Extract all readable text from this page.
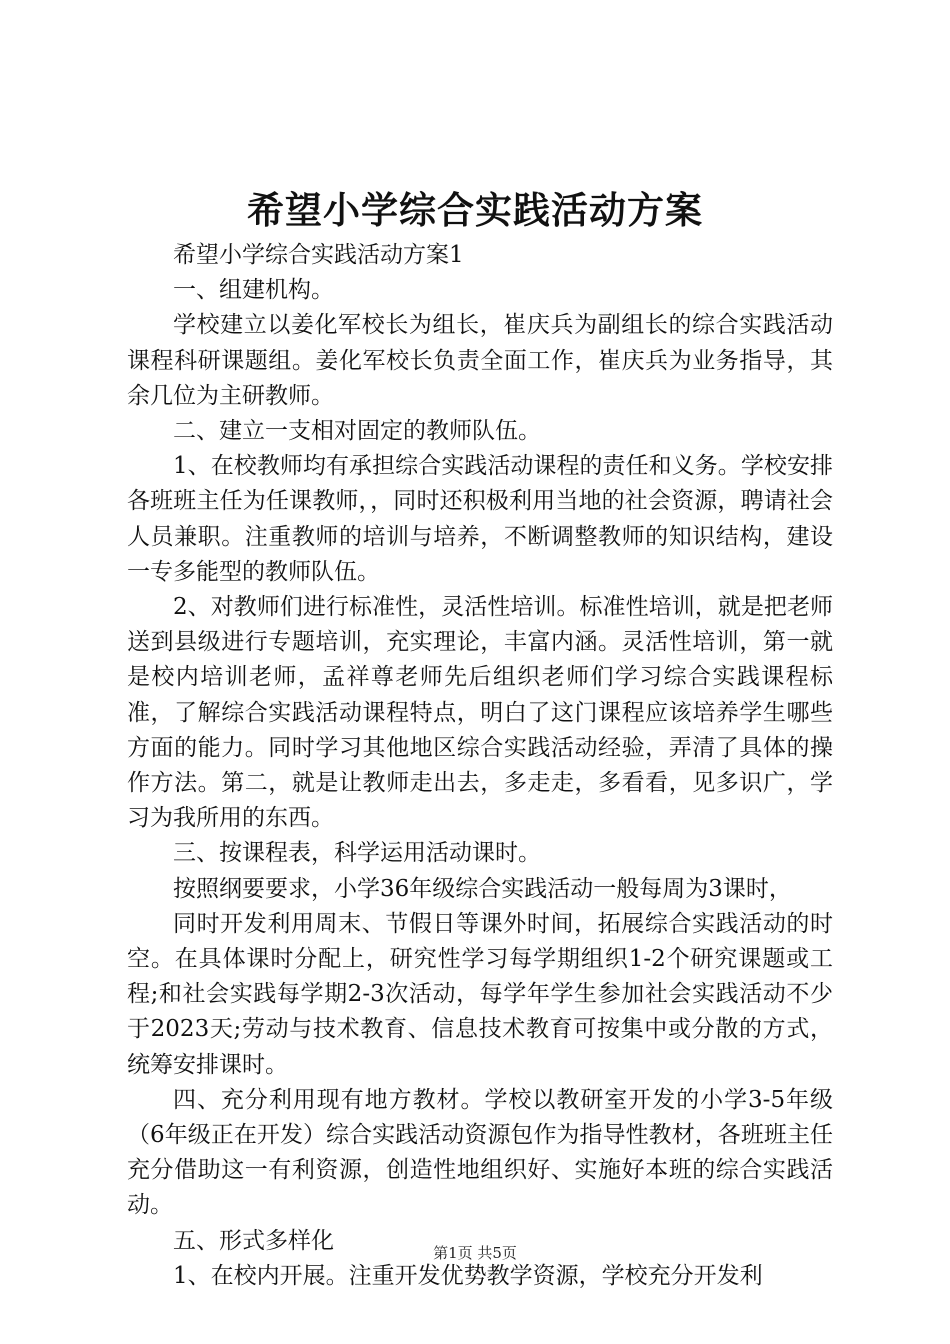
希望小学综合实践活动方案

希望小学综合实践活动方案1

一、组建机构。

学校建立以姜化军校长为组长，崔庆兵为副组长的综合实践活动课程科研课题组。姜化军校长负责全面工作，崔庆兵为业务指导，其余几位为主研教师。

二、建立一支相对固定的教师队伍。

1、在校教师均有承担综合实践活动课程的责任和义务。学校安排各班班主任为任课教师，，同时还积极利用当地的社会资源，聘请社会人员兼职。注重教师的培训与培养，不断调整教师的知识结构，建设一专多能型的教师队伍。

2、对教师们进行标准性，灵活性培训。标准性培训，就是把老师送到县级进行专题培训，充实理论，丰富内涵。灵活性培训，第一就是校内培训老师，孟祥尊老师先后组织老师们学习综合实践课程标准，了解综合实践活动课程特点，明白了这门课程应该培养学生哪些方面的能力。同时学习其他地区综合实践活动经验，弄清了具体的操作方法。第二，就是让教师走出去，多走走，多看看，见多识广，学习为我所用的东西。

三、按课程表，科学运用活动课时。

按照纲要要求，小学36年级综合实践活动一般每周为3课时，

同时开发利用周末、节假日等课外时间，拓展综合实践活动的时空。在具体课时分配上，研究性学习每学期组织1-2个研究课题或工程;和社会实践每学期2-3次活动，每学年学生参加社会实践活动不少于2023天;劳动与技术教育、信息技术教育可按集中或分散的方式，统筹安排课时。

四、充分利用现有地方教材。学校以教研室开发的小学3-5年级（6年级正在开发）综合实践活动资源包作为指导性教材，各班班主任充分借助这一有利资源，创造性地组织好、实施好本班的综合实践活动。

五、形式多样化

1、在校内开展。注重开发优势教学资源，学校充分开发利

第1页 共5页
